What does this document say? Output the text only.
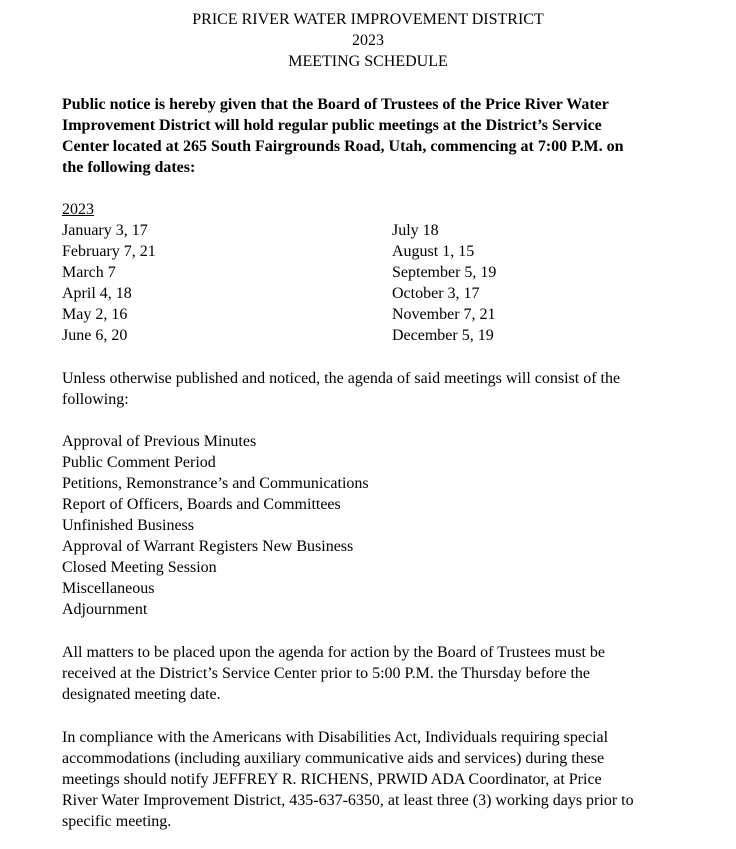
PRICE RIVER WATER IMPROVEMENT DISTRICT
2023
MEETING SCHEDULE
Public notice is hereby given that the Board of Trustees of the Price River Water
Improvement District will hold regular public meetings at the District’s Service
Center located at 265 South Fairgrounds Road, Utah, commencing at 7:00 P.M. on
the following dates:
2023
January 3, 17
February 7, 21
March 7
April 4, 18
May 2, 16
June 6, 20
July 18
August 1, 15
September 5, 19
October 3, 17
November 7, 21
December 5, 19
Unless otherwise published and noticed, the agenda of said meetings will consist of the
following:
Approval of Previous Minutes
Public Comment Period
Petitions, Remonstrance’s and Communications
Report of Officers, Boards and Committees
Unfinished Business
Approval of Warrant Registers New Business
Closed Meeting Session
Miscellaneous
Adjournment
All matters to be placed upon the agenda for action by the Board of Trustees must be
received at the District’s Service Center prior to 5:00 P.M. the Thursday before the
designated meeting date.
In compliance with the Americans with Disabilities Act, Individuals requiring special
accommodations (including auxiliary communicative aids and services) during these
meetings should notify JEFFREY R. RICHENS, PRWID ADA Coordinator, at Price
River Water Improvement District, 435-637-6350, at least three (3) working days prior to
specific meeting.
